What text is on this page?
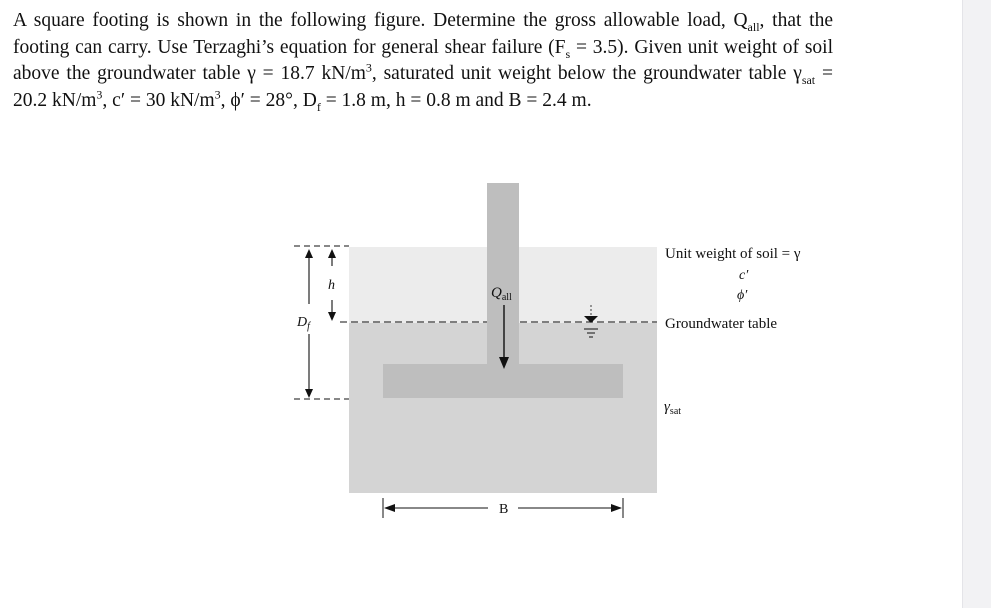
A square footing is shown in the following figure. Determine the gross allowable load, $Q_{all}$, that the footing can carry. Use Terzaghi’s equation for general shear failure $(F_s = 3.5)$. Given unit weight of soil above the groundwater table γ = 18.7 $kN/m^3$, saturated unit weight below the groundwater table $\gamma_{sat} = 20.2$ $kN/m^3$, c′ = 30 $kN/m^3$, ϕ′ = 28°, $D_f = 1.8$ m, h = 0.8 m and B = 2.4 m.
$Q_{all}$
h
$D_f$
B
Unit weight of soil = γ
c′
ϕ′
Groundwater table
$\gamma_{sat}$
